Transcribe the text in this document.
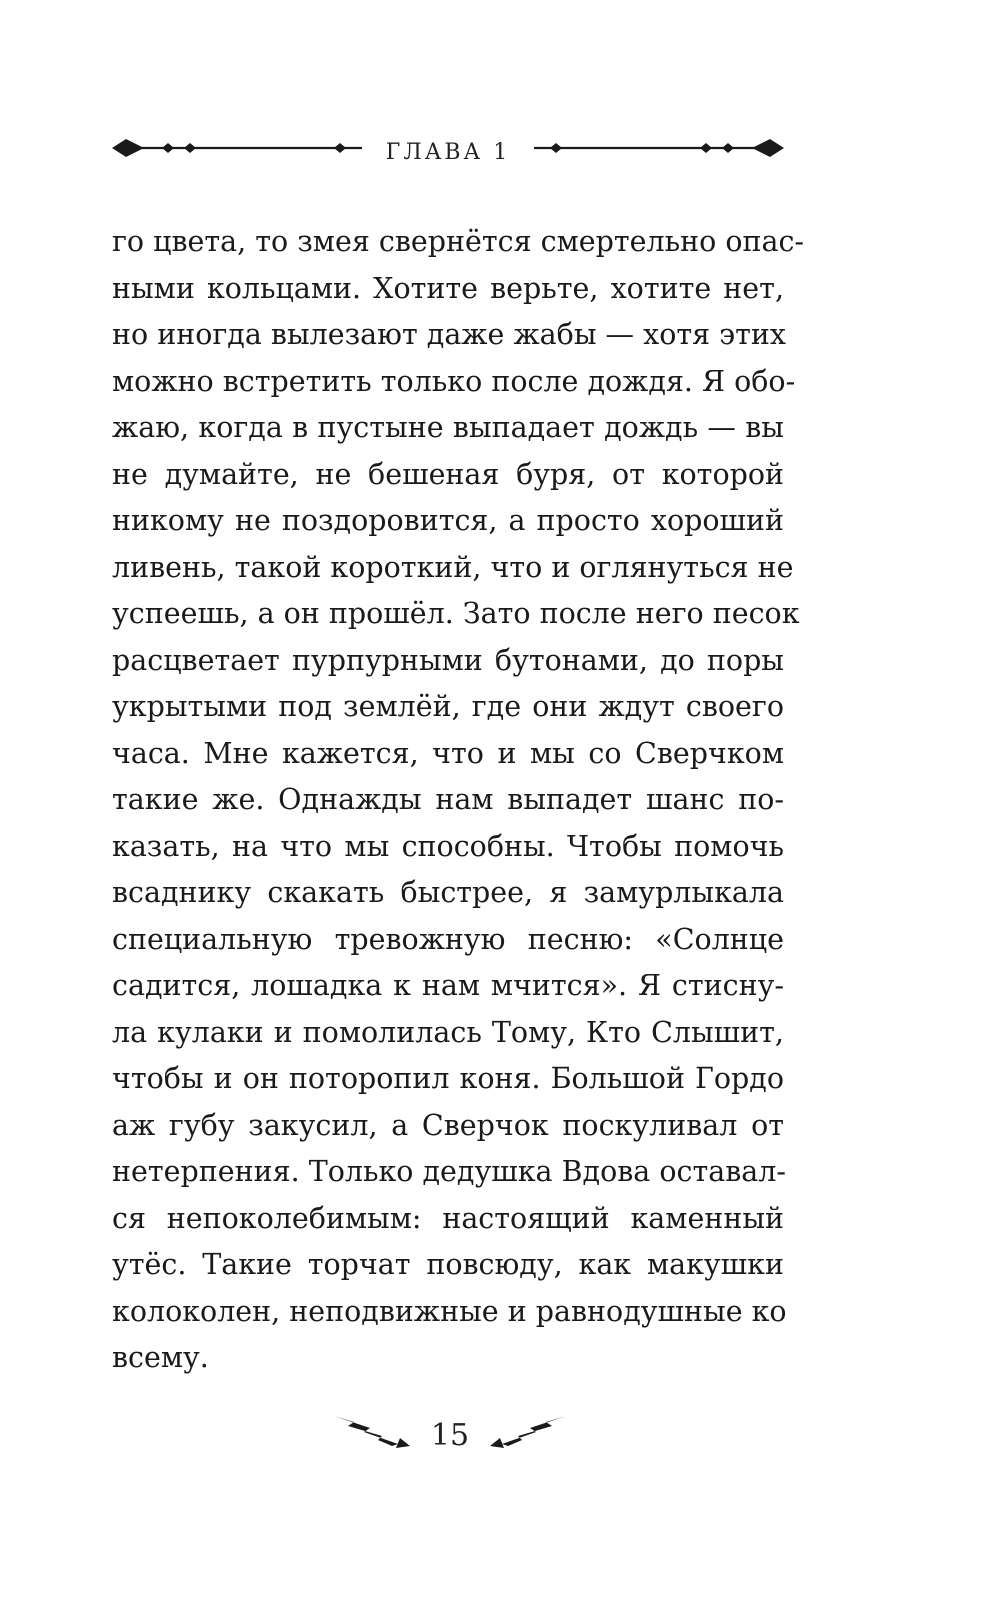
ГЛАВА 1
го цвета, то змея свернётся смертельно опас-
ными кольцами. Хотите верьте, хотите нет,
но иногда вылезают даже жабы — хотя этих
можно встретить только после дождя. Я обо-
жаю, когда в пустыне выпадает дождь — вы
не думайте, не бешеная буря, от которой
никому не поздоровится, а просто хороший
ливень, такой короткий, что и оглянуться не
успеешь, а он прошёл. Зато после него песок
расцветает пурпурными бутонами, до поры
укрытыми под землёй, где они ждут своего
часа. Мне кажется, что и мы со Сверчком
такие же. Однажды нам выпадет шанс по-
казать, на что мы способны. Чтобы помочь
всаднику скакать быстрее, я замурлыкала
специальную тревожную песню: «Солнце
садится, лошадка к нам мчится». Я стисну-
ла кулаки и помолилась Тому, Кто Слышит,
чтобы и он поторопил коня. Большой Гордо
аж губу закусил, а Сверчок поскуливал от
нетерпения. Только дедушка Вдова оставал-
ся непоколебимым: настоящий каменный
утёс. Такие торчат повсюду, как макушки
колоколен, неподвижные и равнодушные ко
всему.
15
